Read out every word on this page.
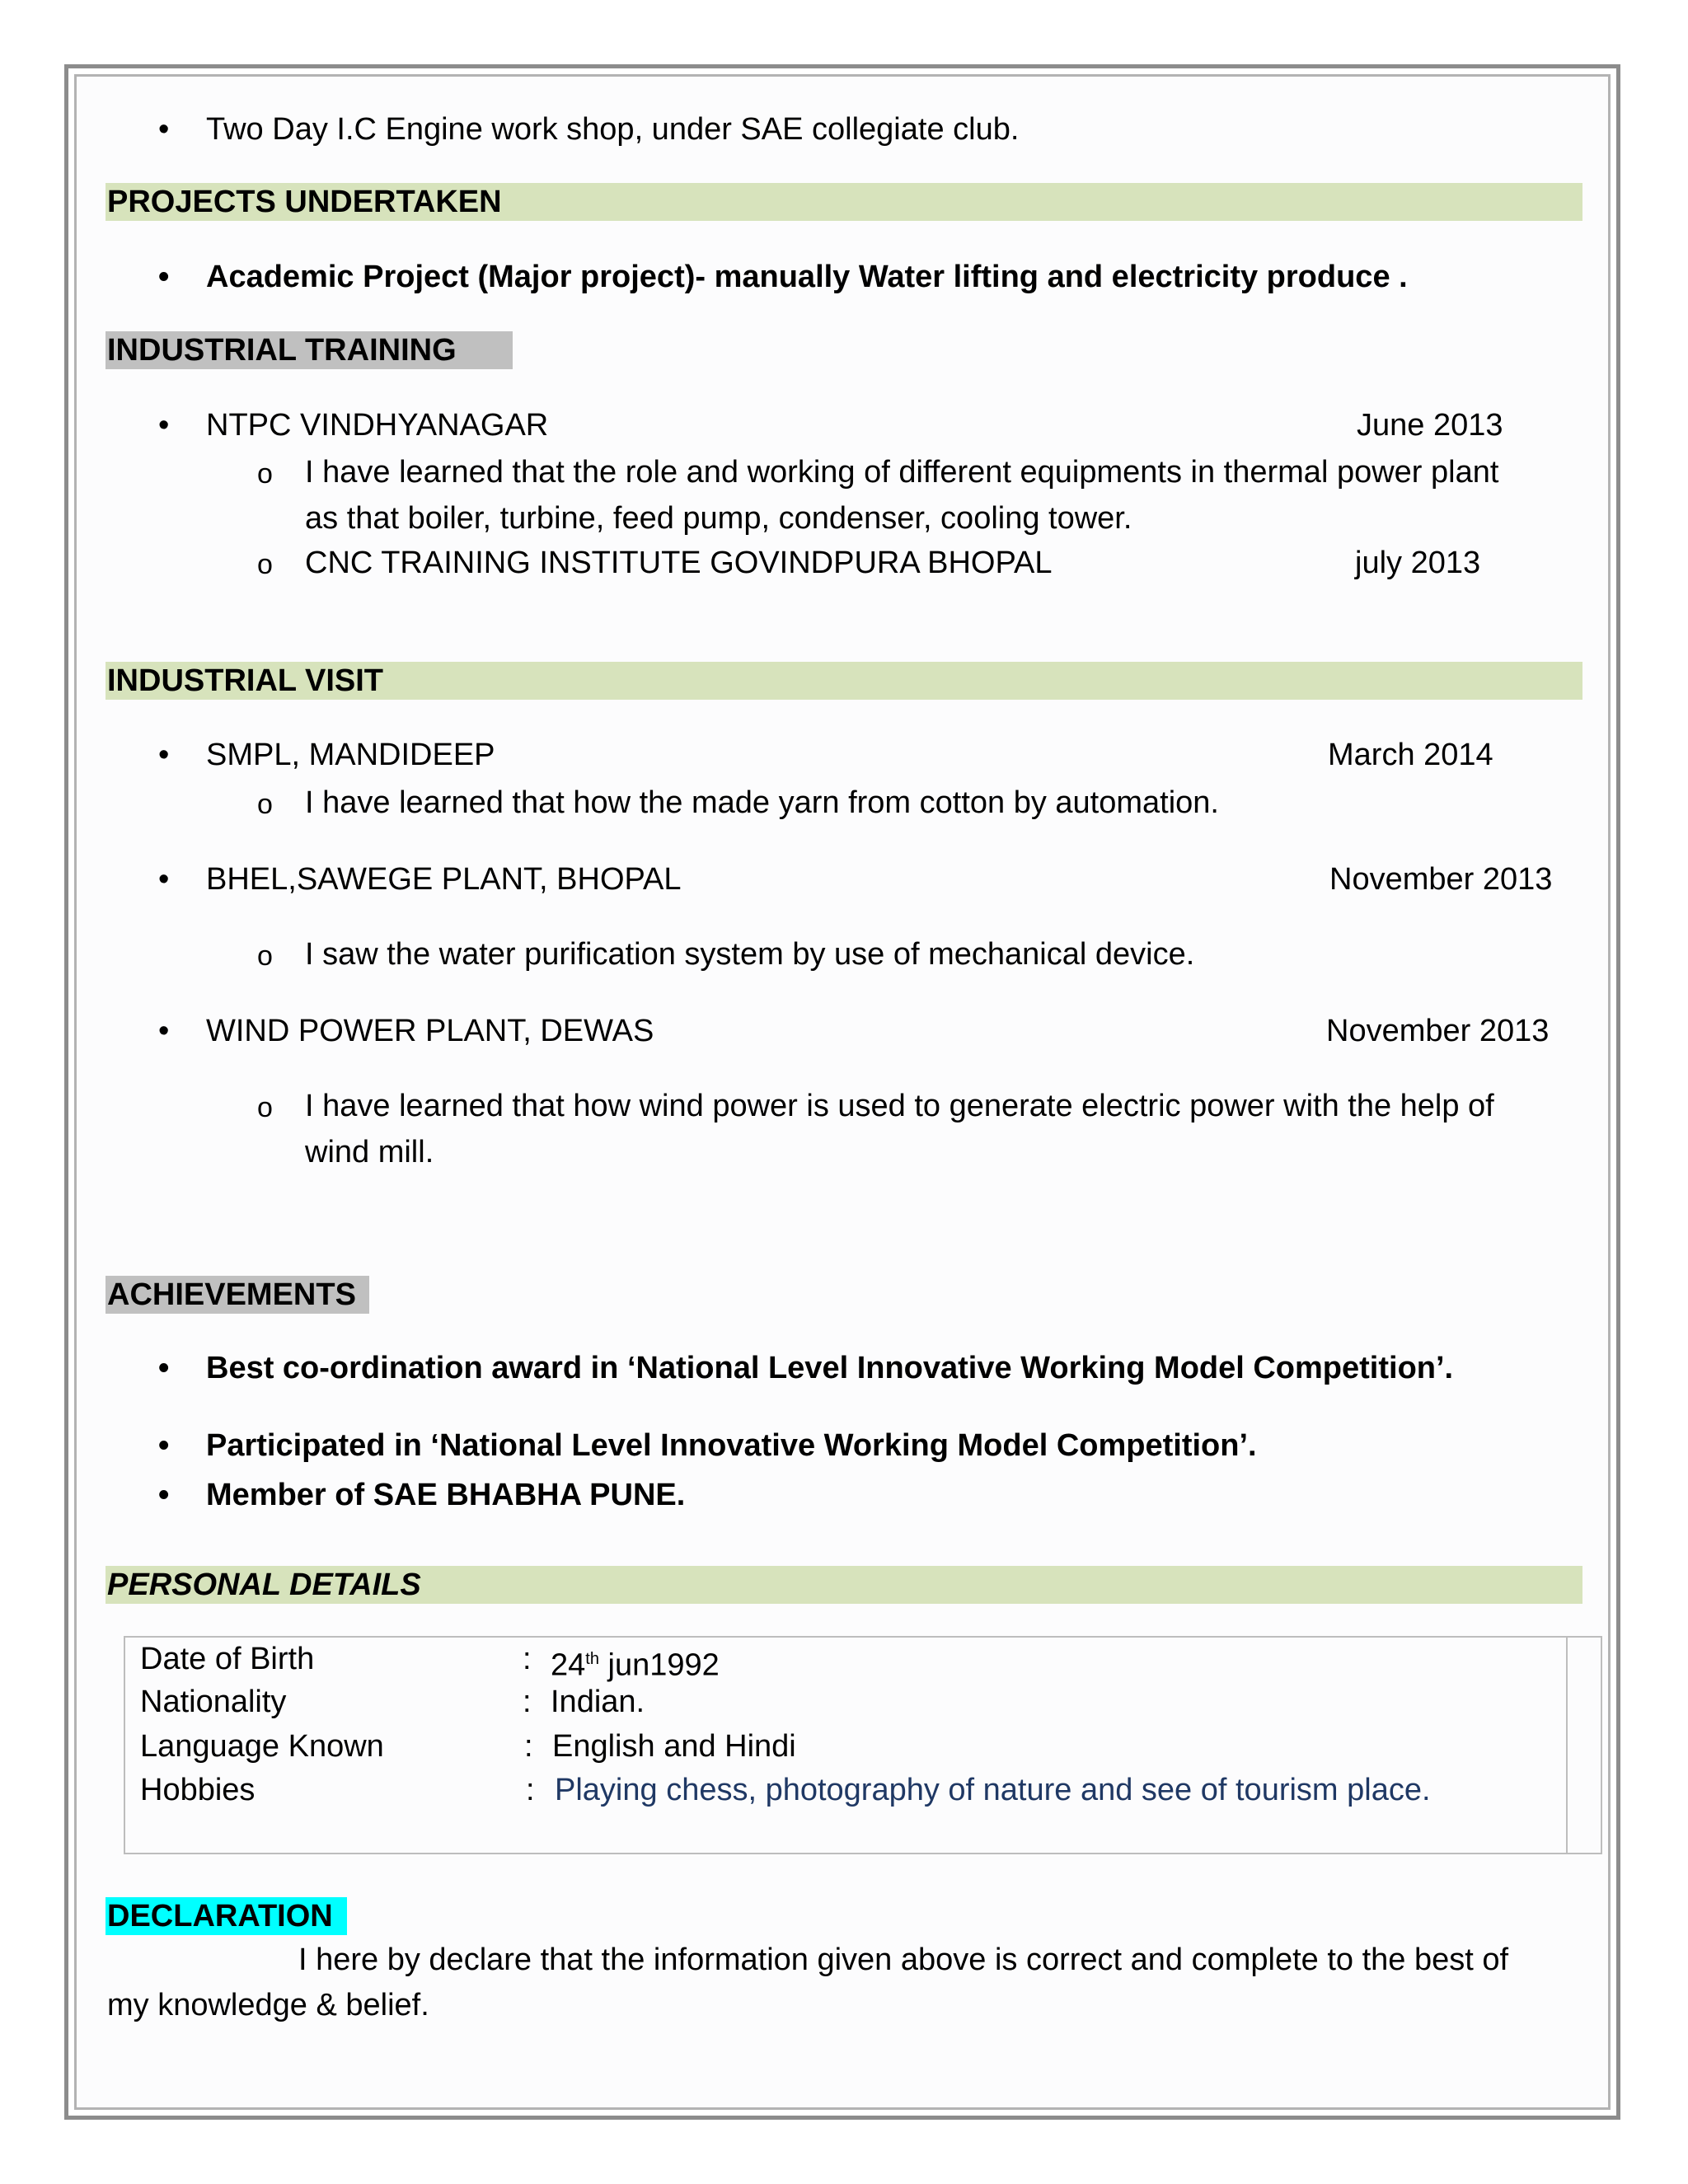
• Two Day I.C Engine work shop, under SAE collegiate club.
PROJECTS UNDERTAKEN
• Academic Project (Major project)- manually Water lifting and electricity produce .
INDUSTRIAL TRAINING
• NTPC VINDHYANAGAR	June 2013
o I have learned that the role and working of different equipments in thermal power plant
as that boiler, turbine, feed pump, condenser, cooling tower.
o CNC TRAINING INSTITUTE GOVINDPURA BHOPAL	july 2013
INDUSTRIAL VISIT
• SMPL, MANDIDEEP	March 2014
o I have learned that how the made yarn from cotton by automation.
• BHEL,SAWEGE PLANT, BHOPAL	November 2013
o I saw the water purification system by use of mechanical device.
• WIND POWER PLANT, DEWAS	November 2013
o I have learned that how wind power is used to generate electric power with the help of
wind mill.
ACHIEVEMENTS
• Best co-ordination award in ‘National Level Innovative Working Model Competition’.
• Participated in ‘National Level Innovative Working Model Competition’.
• Member of SAE BHABHA PUNE.
PERSONAL DETAILS
Date of Birth	: 24th jun1992
Nationality	: Indian.
Language Known	: English and Hindi
Hobbies	: Playing chess, photography of nature and see of tourism place.
DECLARATION
I here by declare that the information given above is correct and complete to the best of
my knowledge & belief.
